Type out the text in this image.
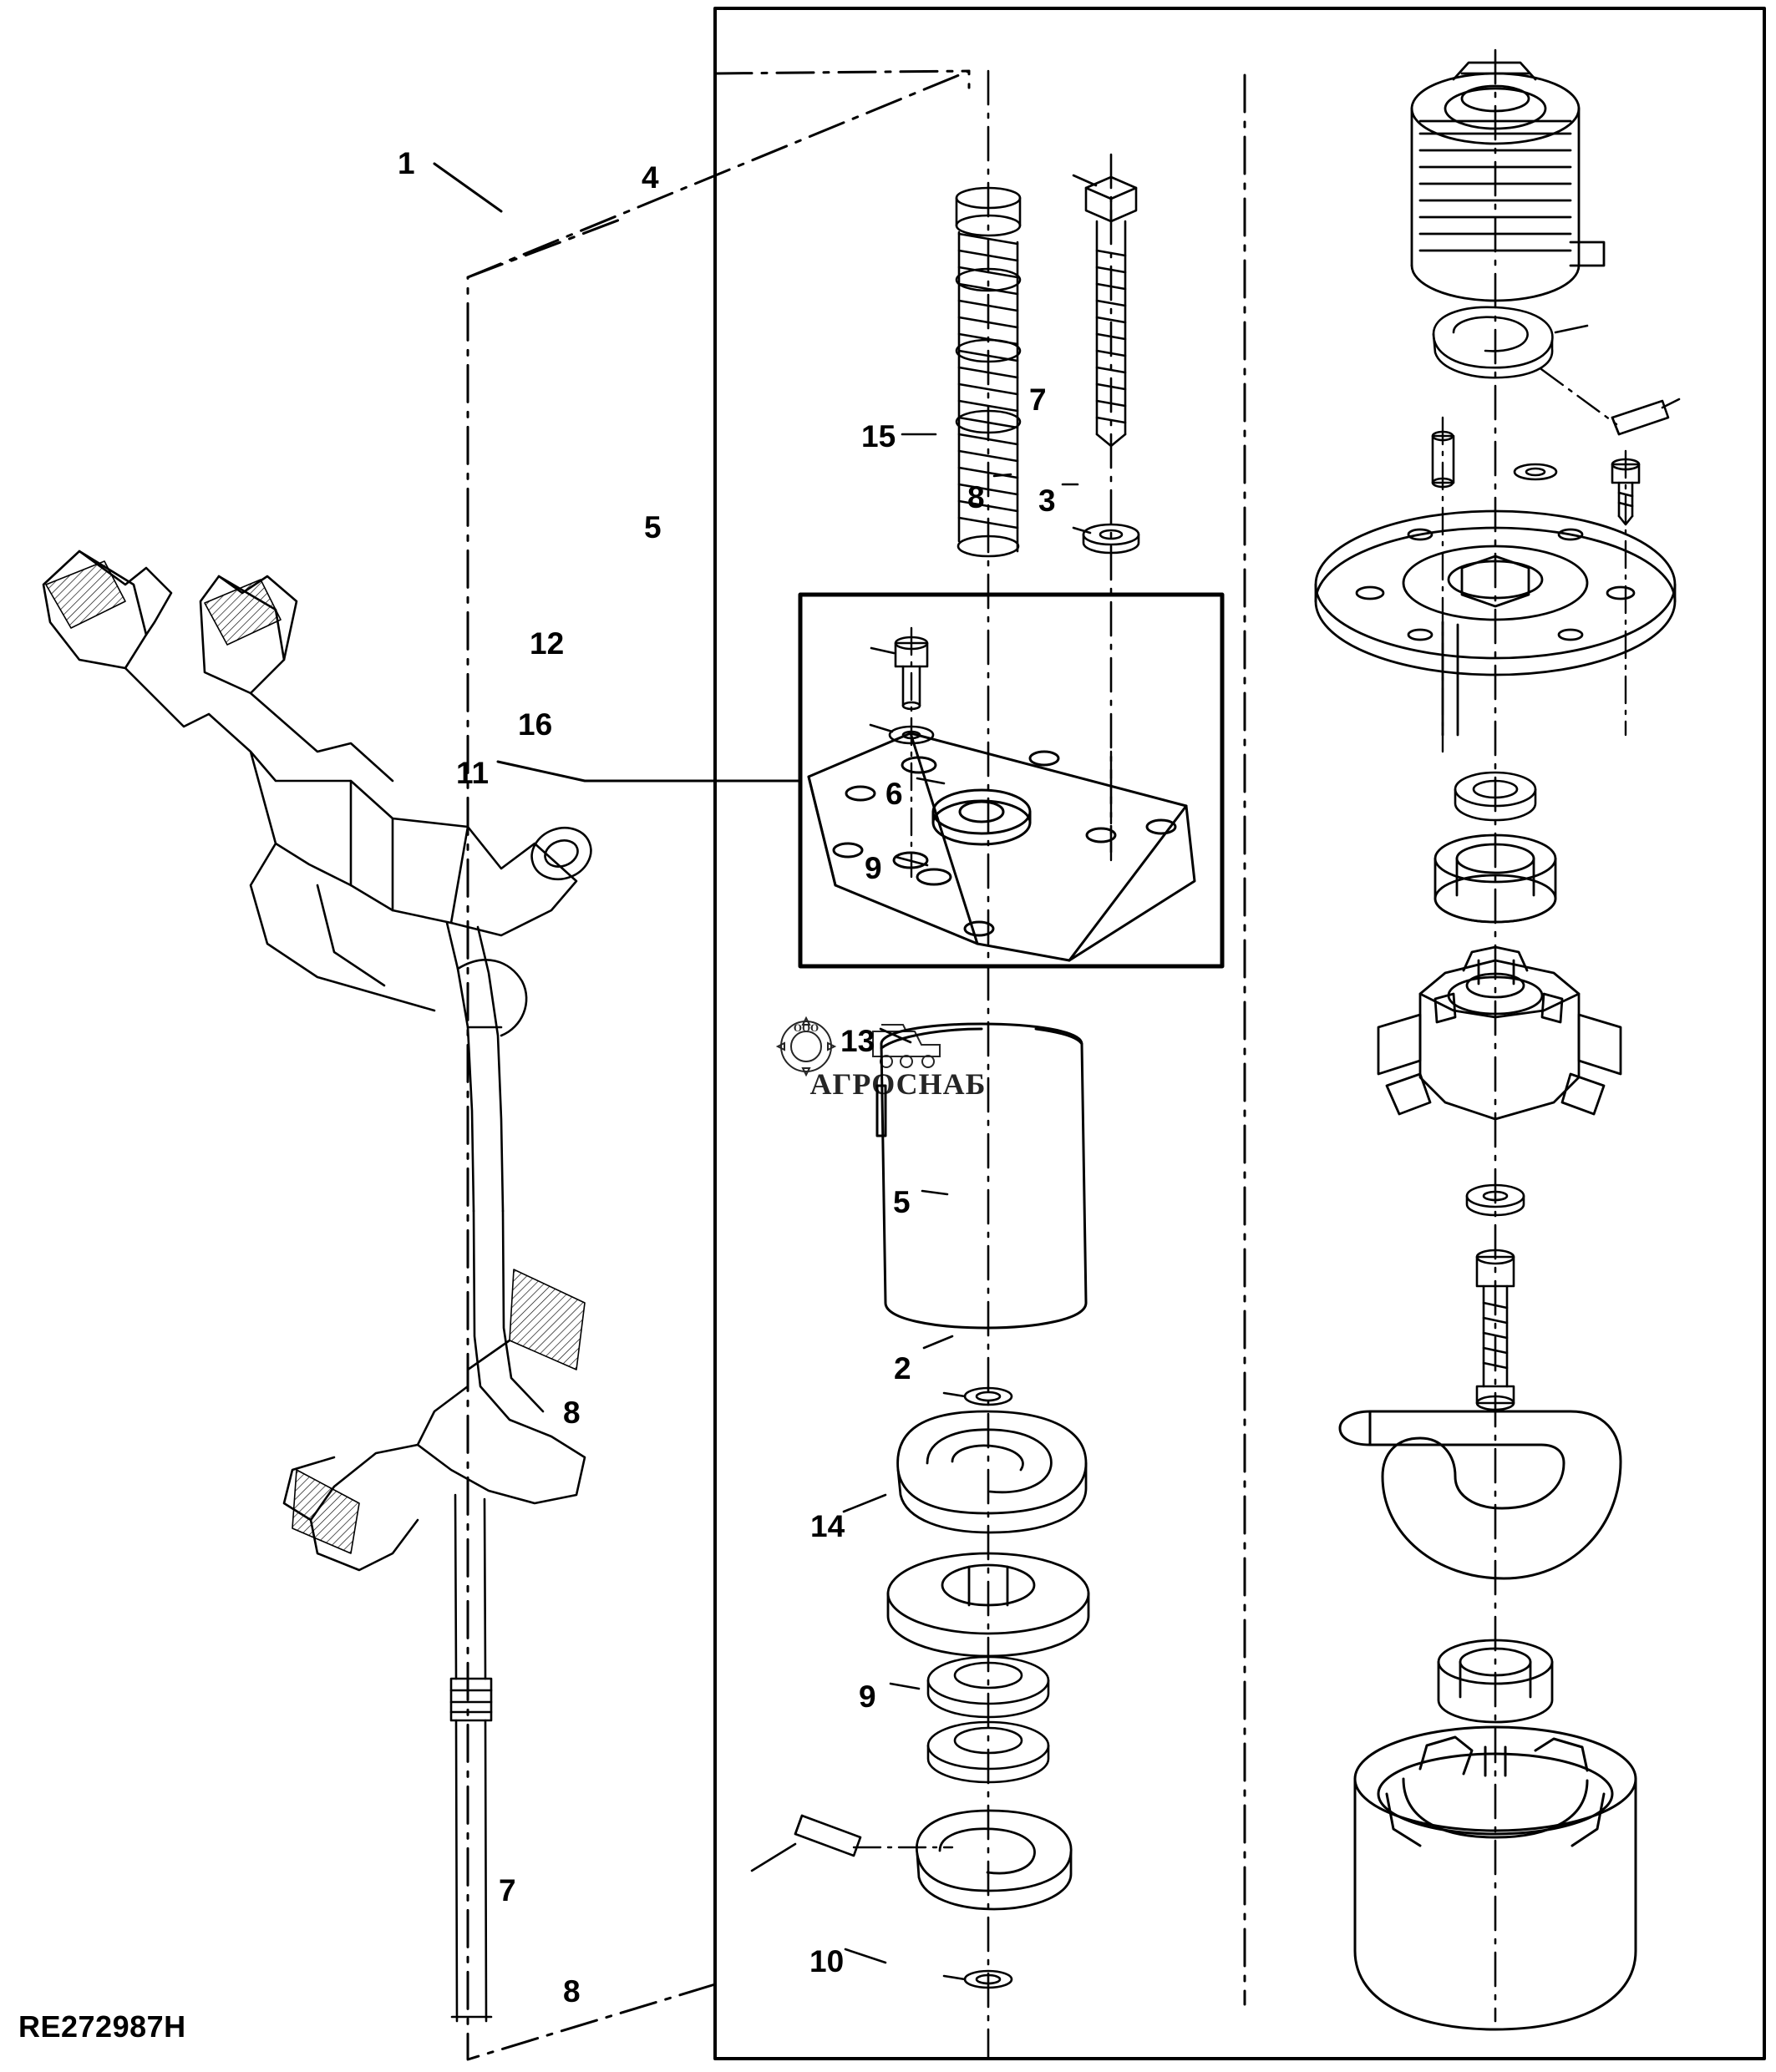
ООО
АГРОСНАБ
1	4
5
7
15
8 3
12
16
11
6
9
13
5
8
2
14
9
7
10
8
RE272987H
